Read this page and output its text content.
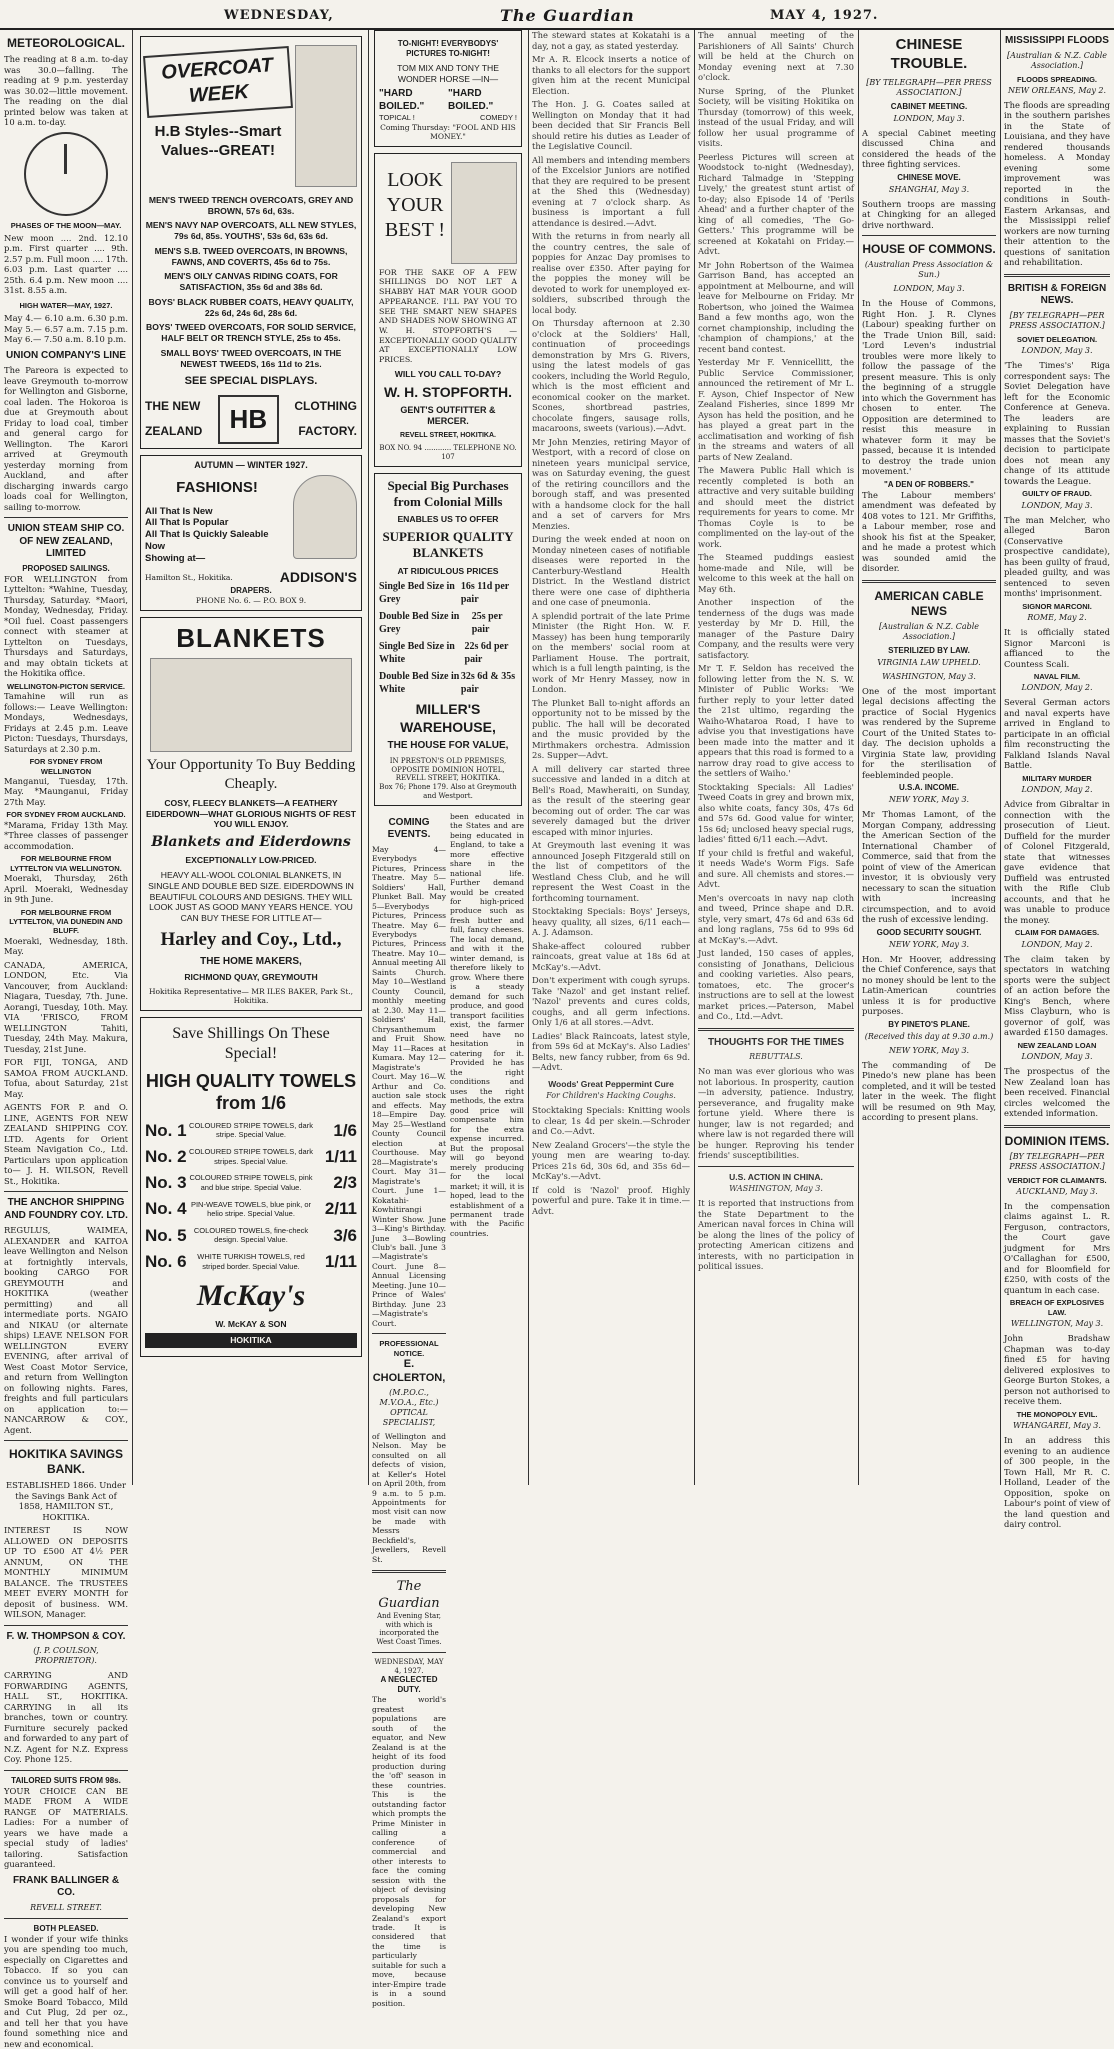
WEDNESDAY,	The Guardian	MAY 4, 1927.
METEOROLOGICAL.

The reading at 8 a.m. to-day was 30.0—falling. The reading at 9 p.m. yesterday was 30.02—little movement. The reading on the dial printed below was taken at 10 a.m. to-day.

PHASES OF THE MOON—MAY.

New moon .... 2nd. 12.10 p.m. First quarter .... 9th. 2.57 p.m. Full moon .... 17th. 6.03 p.m. Last quarter .... 25th. 6.4 p.m. New moon .... 31st. 8.55 a.m.

HIGH WATER—MAY, 1927.

May 4.— 6.10 a.m. 6.30 p.m. May 5.— 6.57 a.m. 7.15 p.m. May 6.— 7.50 a.m. 8.10 p.m.

UNION COMPANY'S LINE

The Pareora is expected to leave Greymouth to-morrow for Wellington and Gisborne, coal laden. The Hokoroa is due at Greymouth about Friday to load coal, timber and general cargo for Wellington. The Karori arrived at Greymouth yesterday morning from Auckland, and after discharging inwards cargo loads coal for Wellington, sailing to-morrow.

UNION STEAM SHIP CO. OF NEW ZEALAND, LIMITED
PROPOSED SAILINGS.

FOR WELLINGTON from Lyttelton: *Wahine, Tuesday, Thursday, Saturday. *Maori, Monday, Wednesday, Friday. *Oil fuel. Coast passengers connect with steamer at Lyttelton on Tuesdays, Thursdays and Saturdays, and may obtain tickets at the Hokitika office.

WELLINGTON-PICTON SERVICE.

Tamahine will run as follows:— Leave Wellington: Mondays, Wednesdays, Fridays at 2.45 p.m. Leave Picton: Tuesdays, Thursdays, Saturdays at 2.30 p.m.

FOR SYDNEY FROM WELLINGTON

Manganui, Tuesday, 17th. May. *Maunganui, Friday 27th May.

FOR SYDNEY FROM AUCKLAND.

*Marama, Friday 13th May. *Three classes of passenger accommodation.

FOR MELBOURNE FROM LYTTELTON VIA WELLINGTON.

Moeraki, Thursday, 26th April. Moeraki, Wednesday in 9th June.

FOR MELBOURNE FROM LYTTELTON, VIA DUNEDIN AND BLUFF.

Moeraki, Wednesday, 18th. May.

CANADA, AMERICA, LONDON, Etc. Via Vancouver, from Auckland: Niagara, Tuesday, 7th. June. Aorangi, Tuesday, 10th. May. VIA 'FRISCO, FROM WELLINGTON Tahiti, Tuesday, 24th May. Makura, Tuesday, 21st June.

FOR FIJI, TONGA, AND SAMOA FROM AUCKLAND. Tofua, about Saturday, 21st May.

AGENTS FOR P. and O. LINE, AGENTS FOR NEW ZEALAND SHIPPING COY. LTD. Agents for Orient Steam Navigation Co., Ltd. Particulars upon application to— J. H. WILSON, Revell St., Hokitika.

THE ANCHOR SHIPPING AND FOUNDRY COY. LTD.

REGULUS, WAIMEA, ALEXANDER and KAITOA leave Wellington and Nelson at fortnightly intervals, booking CARGO FOR GREYMOUTH and HOKITIKA (weather permitting) and all intermediate ports. NGAIO and NIKAU (or alternate ships) LEAVE NELSON FOR WELLINGTON EVERY EVENING, after arrival of West Coast Motor Service, and return from Wellington on following nights. Fares, freights and full particulars on application to:— NANCARROW & COY., Agent.

HOKITIKA SAVINGS BANK.

ESTABLISHED 1866. Under the Savings Bank Act of 1858, HAMILTON ST., HOKITIKA.

INTEREST IS NOW ALLOWED ON DEPOSITS UP TO £500 AT 4½ PER ANNUM, ON THE MONTHLY MINIMUM BALANCE. The TRUSTEES MEET EVERY MONTH for deposit of business. WM. WILSON, Manager.

F. W. THOMPSON & COY.
(J. P. COULSON, PROPRIETOR).

CARRYING AND FORWARDING AGENTS, HALL ST., HOKITIKA. CARRYING in all its branches, town or country. Furniture securely packed and forwarded to any part of N.Z. Agent for N.Z. Express Coy. Phone 125.

TAILORED SUITS FROM 98s.

YOUR CHOICE CAN BE MADE FROM A WIDE RANGE OF MATERIALS. Ladies: For a number of years we have made a special study of ladies' tailoring. Satisfaction guaranteed.

FRANK BALLINGER & CO.
REVELL STREET.
BOTH PLEASED.

I wonder if your wife thinks you are spending too much, especially on Cigarettes and Tobacco. If so you can convince us to yourself and will get a good half of her. Smoke Board Tobacco, Mild and Cut Plug, 2d per oz., and tell her that you have found something nice and new and economical.

OVERCOAT WEEK
H.B Styles--Smart Values--GREAT!
MEN'S TWEED TRENCH OVERCOATS, GREY AND BROWN, 57s 6d, 63s.
MEN'S NAVY NAP OVERCOATS, ALL NEW STYLES, 79s 6d, 85s. YOUTHS', 53s 6d, 63s 6d.
MEN'S S.B. TWEED OVERCOATS, IN BROWNS, FAWNS, AND COVERTS, 45s 6d to 75s.
MEN'S OILY CANVAS RIDING COATS, FOR SATISFACTION, 35s 6d and 38s 6d.
BOYS' BLACK RUBBER COATS, HEAVY QUALITY, 22s 6d, 24s 6d, 28s 6d.
BOYS' TWEED OVERCOATS, FOR SOLID SERVICE, HALF BELT OR TRENCH STYLE, 25s to 45s.
SMALL BOYS' TWEED OVERCOATS, IN THE NEWEST TWEEDS, 16s 11d to 21s.
SEE SPECIAL DISPLAYS.
THE NEW
ZEALAND	HB	CLOTHING
FACTORY.
AUTUMN — WINTER 1927.
FASHIONS!
All That Is New
All That Is Popular
All That Is Quickly Saleable Now
Showing at—
Hamilton St., Hokitika.	ADDISON'S
DRAPERS.
PHONE No. 6. — P.O. BOX 9.
BLANKETS
Your Opportunity To Buy Bedding Cheaply.
COSY, FLEECY BLANKETS—A FEATHERY EIDERDOWN—WHAT GLORIOUS NIGHTS OF REST YOU WILL ENJOY.
Blankets and Eiderdowns
EXCEPTIONALLY LOW-PRICED.
HEAVY ALL-WOOL COLONIAL BLANKETS, IN SINGLE AND DOUBLE BED SIZE. EIDERDOWNS IN BEAUTIFUL COLOURS AND DESIGNS. THEY WILL LOOK JUST AS GOOD MANY YEARS HENCE. YOU CAN BUY THESE FOR LITTLE AT—
Harley and Coy., Ltd.,
THE HOME MAKERS,
RICHMOND QUAY, GREYMOUTH
Hokitika Representative— MR ILES BAKER, Park St., Hokitika.
Save Shillings On These Special!
HIGH QUALITY TOWELS from 1/6
No. 1 COLOURED STRIPE TOWELS, dark stripe. Special Value.	1/6
No. 2 COLOURED STRIPE TOWELS, dark stripes. Special Value.	1/11
No. 3 COLOURED STRIPE TOWELS, pink and blue stripe. Special Value.	2/3
No. 4 PIN-WEAVE TOWELS, blue pink, or helio stripe. Special Value.	2/11
No. 5 COLOURED TOWELS, fine-check design. Special Value.	3/6
No. 6	WHITE TURKISH TOWELS, red striped border. Special Value.	1/11
McKay's
W. McKAY & SON
HOKITIKA
TO-NIGHT! EVERYBODYS' PICTURES TO-NIGHT!
TOM MIX AND TONY THE WONDER HORSE —IN—
"HARD BOILED."
"HARD BOILED."
TOPICAL !	COMEDY !
Coming Thursday: "FOOL AND HIS MONEY."
LOOK YOUR BEST !

FOR THE SAKE OF A FEW SHILLINGS DO NOT LET A SHABBY HAT MAR YOUR GOOD APPEARANCE. I'LL PAY YOU TO SEE THE SMART NEW SHAPES AND SHADES NOW SHOWING AT W. H. STOPFORTH'S — EXCEPTIONALLY GOOD QUALITY AT EXCEPTIONALLY LOW PRICES.

WILL YOU CALL TO-DAY?
W. H. STOPFORTH.
GENT'S OUTFITTER & MERCER.
REVELL STREET, HOKITIKA.
BOX NO. 94 ............ TELEPHONE NO. 107
Special Big Purchases from Colonial Mills
ENABLES US TO OFFER
SUPERIOR QUALITY BLANKETS
AT RIDICULOUS PRICES
Single Bed Size in Grey
16s 11d per pair
Double Bed Size in Grey
25s per pair
Single Bed Size in White
22s 6d per pair
Double Bed Size in White
32s 6d & 35s pair
MILLER'S WAREHOUSE,
THE HOUSE FOR VALUE,
IN PRESTON'S OLD PREMISES, OPPOSITE DOMINION HOTEL, REVELL STREET, HOKITIKA.
Box 76; Phone 179. Also at Greymouth and Westport.
COMING EVENTS.

May 4—Everybodys Pictures, Princess Theatre. May 5—Soldiers' Hall, Plunket Ball. May 5—Everybodys Pictures, Princess Theatre. May 6—Everybodys Pictures, Princess Theatre. May 10—Annual meeting All Saints Church. May 10—Westland County Council, monthly meeting at 2.30. May 11—Soldiers' Hall, Chrysanthemum and Fruit Show. May 11—Races at Kumara. May 12—Magistrate's Court. May 16—W. Arthur and Co. auction sale stock and effects. May 18—Empire Day. May 25—Westland County Council election at Courthouse. May 28—Magistrate's Court. May 31—Magistrate's Court. June 1—Kokatahi-Kowhitirangi Winter Show. June 3—King's Birthday. June 3—Bowling Club's ball. June 3—Magistrate's Court. June 8—Annual Licensing Meeting. June 10—Prince of Wales' Birthday. June 23—Magistrate's Court.

PROFESSIONAL NOTICE.
E. CHOLERTON,
(M.P.O.C., M.V.O.A., Etc.) OPTICAL SPECIALIST,

of Wellington and Nelson. May be consulted on all defects of vision, at Keller's Hotel on April 20th, from 9 a.m. to 5 p.m. Appointments for most visit can now be made with Messrs Beckfield's, Jewellers, Revell St.

The Guardian

And Evening Star, with which is incorporated the West Coast Times.

WEDNESDAY, MAY 4, 1927.
A NEGLECTED DUTY.

The world's greatest populations are south of the equator, and New Zealand is at the height of its food production during the 'off' season in these countries. This is the outstanding factor which prompts the Prime Minister in calling a conference of commercial and other interests to face the coming session with the object of devising proposals for developing New Zealand's export trade. It is considered that the time is particularly suitable for such a move, because inter-Empire trade is in a sound position.

been educated in the States and are being educated in England, to take a more effective share in the national life. Further demand would be created for high-priced produce such as fresh butter and full, fancy cheeses. The local demand, and with it the winter demand, is therefore likely to grow. Where there is a steady demand for such produce, and good transport facilities exist, the farmer need have no hesitation in catering for it. Provided he has the right conditions and uses the right methods, the extra good price will compensate him for the extra expense incurred. But the proposal will go beyond merely producing for the local market; it will, it is hoped, lead to the establishment of a permanent trade with the Pacific countries.

The steward states at Kokatahi is a day, not a gay, as stated yesterday.

Mr A. R. Elcock inserts a notice of thanks to all electors for the support given him at the recent Municipal Election.

The Hon. J. G. Coates sailed at Wellington on Monday that it had been decided that Sir Francis Bell should retire his duties as Leader of the Legislative Council.

All members and intending members of the Excelsior Juniors are notified that they are required to be present at the Shed this (Wednesday) evening at 7 o'clock sharp. As business is important a full attendance is desired.—Advt.

With the returns in from nearly all the country centres, the sale of poppies for Anzac Day promises to realise over £350. After paying for the poppies the money will be devoted to work for unemployed ex-soldiers, subscribed through the local body.

On Thursday afternoon at 2.30 o'clock at the Soldiers' Hall, continuation of proceedings demonstration by Mrs G. Rivers, using the latest models of gas cookers, including the World Regulo, which is the most efficient and economical cooker on the market. Scones, shortbread pastries, chocolate fingers, sausage rolls, macaroons, sweets (various).—Advt.

Mr John Menzies, retiring Mayor of Westport, with a record of close on nineteen years municipal service, was on Saturday evening, the guest of the retiring councillors and the borough staff, and was presented with a handsome clock for the hall and a set of carvers for Mrs Menzies.

During the week ended at noon on Monday nineteen cases of notifiable diseases were reported in the Canterbury-Westland Health District. In the Westland district there were one case of diphtheria and one case of pneumonia.

A splendid portrait of the late Prime Minister (the Right Hon. W. F. Massey) has been hung temporarily on the members' social room at Parliament House. The portrait, which is a full length painting, is the work of Mr Henry Massey, now in London.

The Plunket Ball to-night affords an opportunity not to be missed by the public. The hall will be decorated and the music provided by the Mirthmakers orchestra. Admission 2s. Supper—Advt.

A mill delivery car started three successive and landed in a ditch at Bell's Road, Mawheraiti, on Sunday, as the result of the steering gear becoming out of order. The car was severely damaged but the driver escaped with minor injuries.

At Greymouth last evening it was announced Joseph Fitzgerald still on the list of competitors of the Westland Chess Club, and he will represent the West Coast in the forthcoming tournament.

Stocktaking Specials: Boys' Jerseys, heavy quality, all sizes, 6/11 each—A. J. Adamson.

Shake-affect coloured rubber raincoats, great value at 18s 6d at McKay's.—Advt.

Don't experiment with cough syrups. Take 'Nazol' and get instant relief. 'Nazol' prevents and cures colds, coughs, and all germ infections. Only 1/6 at all stores.—Advt.

Ladies' Black Raincoats, latest style, from 59s 6d at McKay's. Also Ladies' Belts, new fancy rubber, from 6s 9d.—Advt.

Woods' Great Peppermint Cure
For Children's Hacking Coughs.

Stocktaking Specials: Knitting wools to clear, 1s 4d per skein.—Schroder and Co.—Advt.

New Zealand Grocers'—the style the young men are wearing to-day. Prices 21s 6d, 30s 6d, and 35s 6d—McKay's.—Advt.

If cold is 'Nazol' proof. Highly powerful and pure. Take it in time.—Advt.

The annual meeting of the Parishioners of All Saints' Church will be held at the Church on Monday evening next at 7.30 o'clock.

Nurse Spring, of the Plunket Society, will be visiting Hokitika on Thursday (tomorrow) of this week, instead of the usual Friday, and will follow her usual programme of visits.

Peerless Pictures will screen at Woodstock to-night (Wednesday), Richard Talmadge in 'Stepping Lively,' the greatest stunt artist of to-day; also Episode 14 of 'Perils Ahead' and a further chapter of the king of all comedies, 'The Go-Getters.' This programme will be screened at Kokatahi on Friday.—Advt.

Mr John Robertson of the Waimea Garrison Band, has accepted an appointment at Melbourne, and will leave for Melbourne on Friday. Mr Robertson, who joined the Waimea Band a few months ago, won the cornet championship, including the 'champion of champions,' at the recent band contest.

Yesterday Mr F. Vennicellitt, the Public Service Commissioner, announced the retirement of Mr L. F. Ayson, Chief Inspector of New Zealand Fisheries, since 1899 Mr Ayson has held the position, and he has played a great part in the acclimatisation and working of fish in the streams and waters of all parts of New Zealand.

The Mawera Public Hall which is recently completed is both an attractive and very suitable building and should meet the district requirements for years to come. Mr Thomas Coyle is to be complimented on the lay-out of the work.

The Steamed puddings easiest home-made and Nile, will be welcome to this week at the hall on May 6th.

Another inspection of the tenderness of the dugs was made yesterday by Mr D. Hill, the manager of the Pasture Dairy Company, and the results were very satisfactory.

Mr T. F. Seldon has received the following letter from the N. S. W. Minister of Public Works: 'We further reply to your letter dated the 21st ultimo, regarding the Waiho-Whataroa Road, I have to advise you that investigations have been made into the matter and it appears that this road is formed to a narrow dray road to give access to the settlers of Waiho.'

Stocktaking Specials: All Ladies' Tweed Coats in grey and brown mix, also white coats, fancy 30s, 47s 6d and 57s 6d. Good value for winter, 15s 6d; unclosed heavy special rugs, ladies' fitted 6/11 each.—Advt.

If your child is fretful and wakeful, it needs Wade's Worm Figs. Safe and sure. All chemists and stores.—Advt.

Men's overcoats in navy nap cloth and tweed, Prince shape and D.R. style, very smart, 47s 6d and 63s 6d and long raglans, 75s 6d to 99s 6d at McKay's.—Advt.

Just landed, 150 cases of apples, consisting of Jonathans, Delicious and cooking varieties. Also pears, tomatoes, etc. The grocer's instructions are to sell at the lowest market prices.—Paterson, Mabel and Co., Ltd.—Advt.

THOUGHTS FOR THE TIMES
REBUTTALS.

No man was ever glorious who was not laborious. In prosperity, caution—in adversity, patience. Industry, perseverance, and frugality make fortune yield. Where there is hunger, law is not regarded; and where law is not regarded there will be hunger. Reproving his tender friends' susceptibilities.

U.S. ACTION IN CHINA.
WASHINGTON, May 3.

It is reported that instructions from the State Department to the American naval forces in China will be along the lines of the policy of protecting American citizens and interests, with no participation in political issues.

CHINESE TROUBLE.
[BY TELEGRAPH—PER PRESS ASSOCIATION.]
CABINET MEETING.
LONDON, May 3.

A special Cabinet meeting discussed China and considered the heads of the three fighting services.

CHINESE MOVE.
SHANGHAI, May 3.

Southern troops are massing at Chingking for an alleged drive northward.

HOUSE OF COMMONS.
(Australian Press Association & Sun.)
LONDON, May 3.

In the House of Commons, Right Hon. J. R. Clynes (Labour) speaking further on the Trade Union Bill, said: 'Lord Leven's industrial troubles were more likely to follow the passage of the present measure. This is only the beginning of a struggle into which the Government has chosen to enter. The Opposition are determined to resist this measure in whatever form it may be passed, because it is intended to destroy the trade union movement.'

"A DEN OF ROBBERS."

The Labour members' amendment was defeated by 408 votes to 121. Mr Griffiths, a Labour member, rose and shook his fist at the Speaker, and he made a protest which was sounded amid the disorder.

AMERICAN CABLE NEWS
[Australian & N.Z. Cable Association.]
STERILIZED BY LAW.
VIRGINIA LAW UPHELD.
WASHINGTON, May 3.

One of the most important legal decisions affecting the practice of Social Hygenics was rendered by the Supreme Court of the United States to-day. The decision upholds a Virginia State law, providing for the sterilisation of feebleminded people.

U.S.A. INCOME.
NEW YORK, May 3.

Mr Thomas Lamont, of the Morgan Company, addressing the American Section of the International Chamber of Commerce, said that from the point of view of the American investor, it is obviously very necessary to scan the situation with increasing circumspection, and to avoid the rush of excessive lending.

GOOD SECURITY SOUGHT.
NEW YORK, May 3.

Hon. Mr Hoover, addressing the Chief Conference, says that no money should be lent to the Latin-American countries unless it is for productive purposes.

BY PINETO'S PLANE.
(Received this day at 9.30 a.m.)
NEW YORK, May 3.

The commanding of De Pinedo's new plane has been completed, and it will be tested later in the week. The flight will be resumed on 9th May, according to present plans.

MISSISSIPPI FLOODS
[Australian & N.Z. Cable Association.]
FLOODS SPREADING.
NEW ORLEANS, May 2.

The floods are spreading in the southern parishes in the State of Louisiana, and they have rendered thousands homeless. A Monday evening some improvement was reported in the conditions in South-Eastern Arkansas, and the Mississippi relief workers are now turning their attention to the questions of sanitation and rehabilitation.

BRITISH & FOREIGN NEWS.
[BY TELEGRAPH—PER PRESS ASSOCIATION.]
SOVIET DELEGATION.
LONDON, May 3.

'The Times's' Riga correspondent says: The Soviet Delegation have left for the Economic Conference at Geneva. The leaders are explaining to Russian masses that the Soviet's decision to participate does not mean any change of its attitude towards the League.

GUILTY OF FRAUD.
LONDON, May 3.

The man Melcher, who alleged Baron (Conservative prospective candidate), has been guilty of fraud, pleaded guilty, and was sentenced to seven months' imprisonment.

SIGNOR MARCONI.
ROME, May 2.

It is officially stated Signor Marconi is affianced to the Countess Scali.

NAVAL FILM.
LONDON, May 2.

Several German actors and naval experts have arrived in England to participate in an official film reconstructing the Falkland Islands Naval Battle.

MILITARY MURDER
LONDON, May 2.

Advice from Gibraltar in connection with the prosecution of Lieut. Duffield for the murder of Colonel Fitzgerald, state that witnesses gave evidence that Duffield was entrusted with the Rifle Club accounts, and that he was unable to produce the money.

CLAIM FOR DAMAGES.
LONDON, May 2.

The claim taken by spectators in watching sports were the subject of an action before the King's Bench, where Miss Clayburn, who is governor of golf, was awarded £150 damages.

NEW ZEALAND LOAN
LONDON, May 3.

The prospectus of the New Zealand loan has been received. Financial circles welcomed the extended information.

DOMINION ITEMS.
[BY TELEGRAPH—PER PRESS ASSOCIATION.]
VERDICT FOR CLAIMANTS.
AUCKLAND, May 3.

In the compensation claims against L. R. Ferguson, contractors, the Court gave judgment for Mrs O'Callaghan for £500, and for Bloomfield for £250, with costs of the quantum in each case.

BREACH OF EXPLOSIVES LAW.
WELLINGTON, May 3.

John Bradshaw Chapman was to-day fined £5 for having delivered explosives to George Burton Stokes, a person not authorised to receive them.

THE MONOPOLY EVIL.
WHANGAREI, May 3.

In an address this evening to an audience of 300 people, in the Town Hall, Mr R. C. Holland, Leader of the Opposition, spoke on Labour's point of view of the land question and dairy control.
